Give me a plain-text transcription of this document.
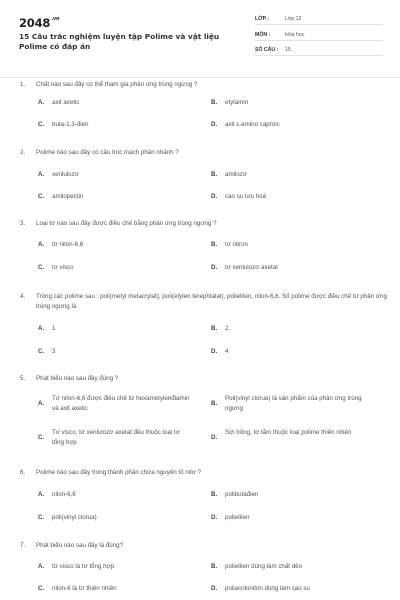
$2048^{.vn}$
15 Câu trắc nghiệm luyện tập Polime và vật liệu Polime có đáp án
LỚP :	Lớp 12
MÔN :	Hóa học
SỐ CÂU : 15
1.	Chất nào sau đây có thể tham gia phản ứng trùng ngưng ?
A. axit axetic	B. etylamin
C. buta-1,3-đien	D. axit ε-amino caproic
2.	Polime nào sau đây có cấu trúc mạch phân nhánh ?
A. xenlulozơ	B. amilozơ
C. amilopectin	D. cao su lưu hoá
3.	Loại tơ nào sau đây được điều chế bằng phản ứng trùng ngưng ?
A. tơ nilon-6,6	B. tơ nitron
C. tơ visco	D. tơ xenlulozơ axetat
4.	Trong các polime sau : poli(metyl metacrylat), poli(etylen terephtalat), polietilen, nilon-6,6. Số polime được điều chế từ phản ứng trùng ngưng là
A. 1	B. 2.
C. 3	D. 4
5.	Phát biểu nào sau đây đúng ?
A.
Tơ nilon-6,6 được điều chế từ hexametylenđiamin và axit axetic
B.
Poli(vinyl clorua) là sản phẩm của phản ứng trùng ngưng
C.
Tơ visco, tơ xenlulozơ axetat đều thuộc loại tơ tổng hợp
D.
Sợi bông, tơ tằm thuộc loại polime thiên nhiên
6.	Polime nào sau đây trong thành phần chứa nguyên tố nitơ ?
A. nilon-6,6	B. polibutađien
C. poli(vinyl clorua)	D. polietilen
7.	Phát biểu nào sau đây là đúng?
A. tơ visco là tơ tổng hợp	B. polietilen dùng làm chất dẻo
C. nilon-6 là tơ thiên nhiên	D. poliacrilonitrin dùng làm cao su
